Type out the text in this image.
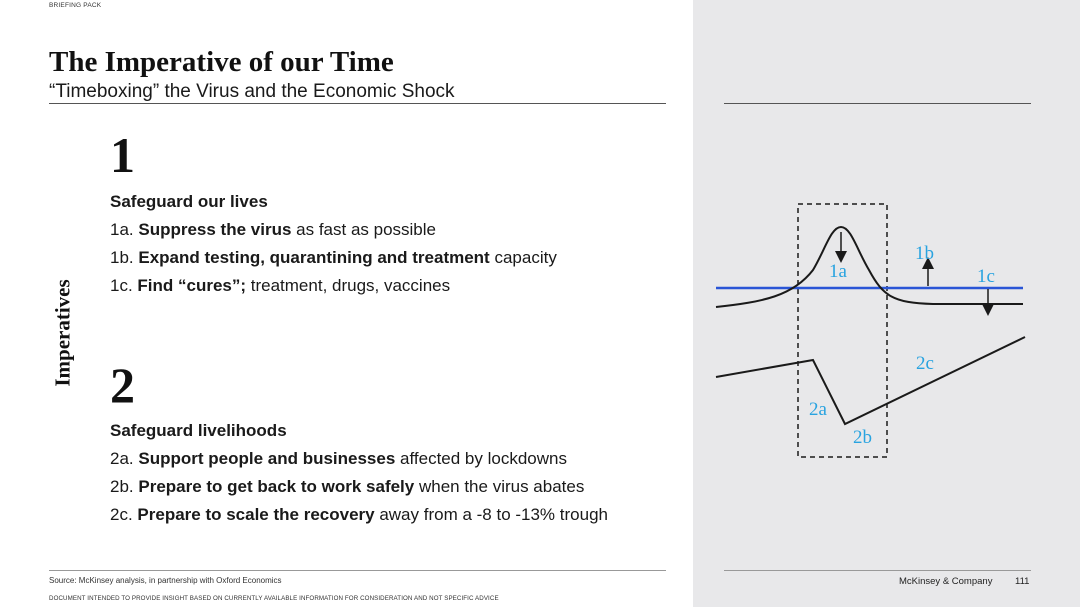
BRIEFING PACK
The Imperative of our Time
“Timeboxing” the Virus and the Economic Shock
Imperatives
1
Safeguard our lives
1a. Suppress the virus as fast as possible
1b. Expand testing, quarantining and treatment capacity
1c. Find “cures”; treatment, drugs, vaccines
2
Safeguard livelihoods
2a. Support people and businesses affected by lockdowns
2b. Prepare to get back to work safely when the virus abates
2c. Prepare to scale the recovery away from a -8 to -13% trough
1a
1b
1c
2a
2b
2c
Source: McKinsey analysis, in partnership with Oxford Economics
DOCUMENT INTENDED TO PROVIDE INSIGHT BASED ON CURRENTLY AVAILABLE INFORMATION FOR CONSIDERATION AND NOT SPECIFIC ADVICE
McKinsey & Company 111
